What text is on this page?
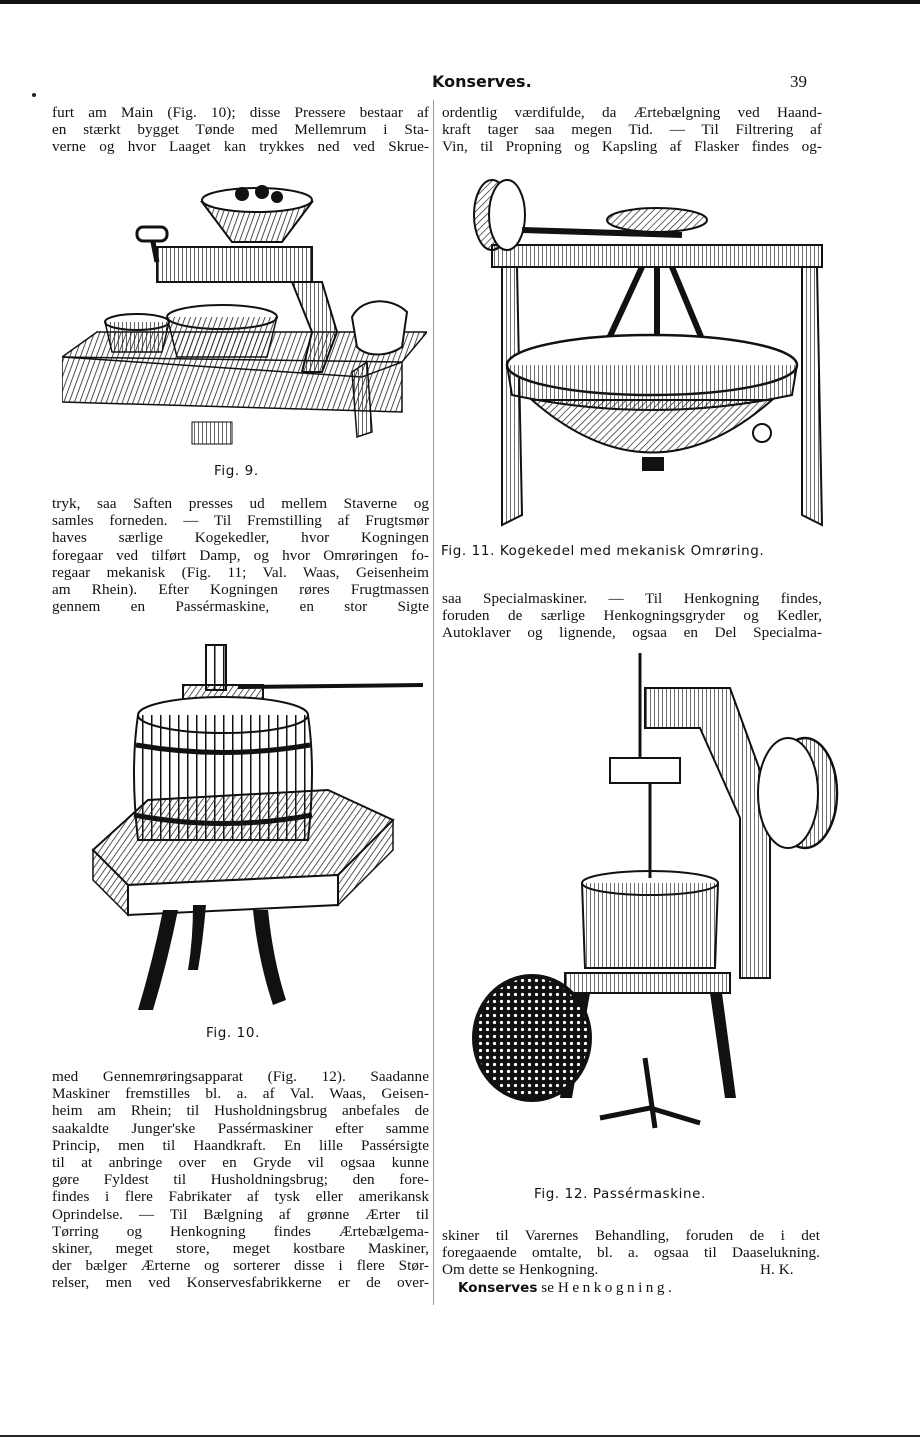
Konserves.	39
furt am Main (Fig. 10); disse Pressere bestaar af
en stærkt bygget Tønde med Mellemrum i Sta-
verne og hvor Laaget kan trykkes ned ved Skrue-

Fig. 9.

tryk, saa Saften presses ud mellem Staverne og
samles forneden. — Til Fremstilling af Frugtsmør
haves særlige Kogekedler, hvor Kogningen
foregaar ved tilført Damp, og hvor Omrøringen fo-
regaar mekanisk (Fig. 11; Val. Waas, Geisenheim
am Rhein). Efter Kogningen røres Frugtmassen
gennem en Passérmaskine, en stor Sigte

Fig. 10.

med Gennemrøringsapparat (Fig. 12). Saadanne
Maskiner fremstilles bl. a. af Val. Waas, Geisen-
heim am Rhein; til Husholdningsbrug anbefales de
saakaldte Junger'ske Passérmaskiner efter samme
Princip, men til Haandkraft. En lille Passérsigte
til at anbringe over en Gryde vil ogsaa kunne
gøre Fyldest til Husholdningsbrug; den fore-
findes i flere Fabrikater af tysk eller amerikansk
Oprindelse. — Til Bælgning af grønne Ærter til
Tørring og Henkogning findes Ærtebælgema-
skiner, meget store, meget kostbare Maskiner,
der bælger Ærterne og sorterer disse i flere Stør-
relser, men ved Konservesfabrikkerne er de over-
ordentlig værdifulde, da Ærtebælgning ved Haand-
kraft tager saa megen Tid. — Til Filtrering af
Vin, til Propning og Kapsling af Flasker findes og-

Fig. 11. Kogekedel med mekanisk Omrøring.

saa Specialmaskiner. — Til Henkogning findes,
foruden de særlige Henkogningsgryder og Kedler,
Autoklaver og lignende, ogsaa en Del Specialma-

Fig. 12. Passérmaskine.

skiner til Varernes Behandling, foruden de i det
foregaaende omtalte, bl. a. ogsaa til Daaselukning.
Om dette se Henkogning.	H. K.
Konserves se Henkogning.
